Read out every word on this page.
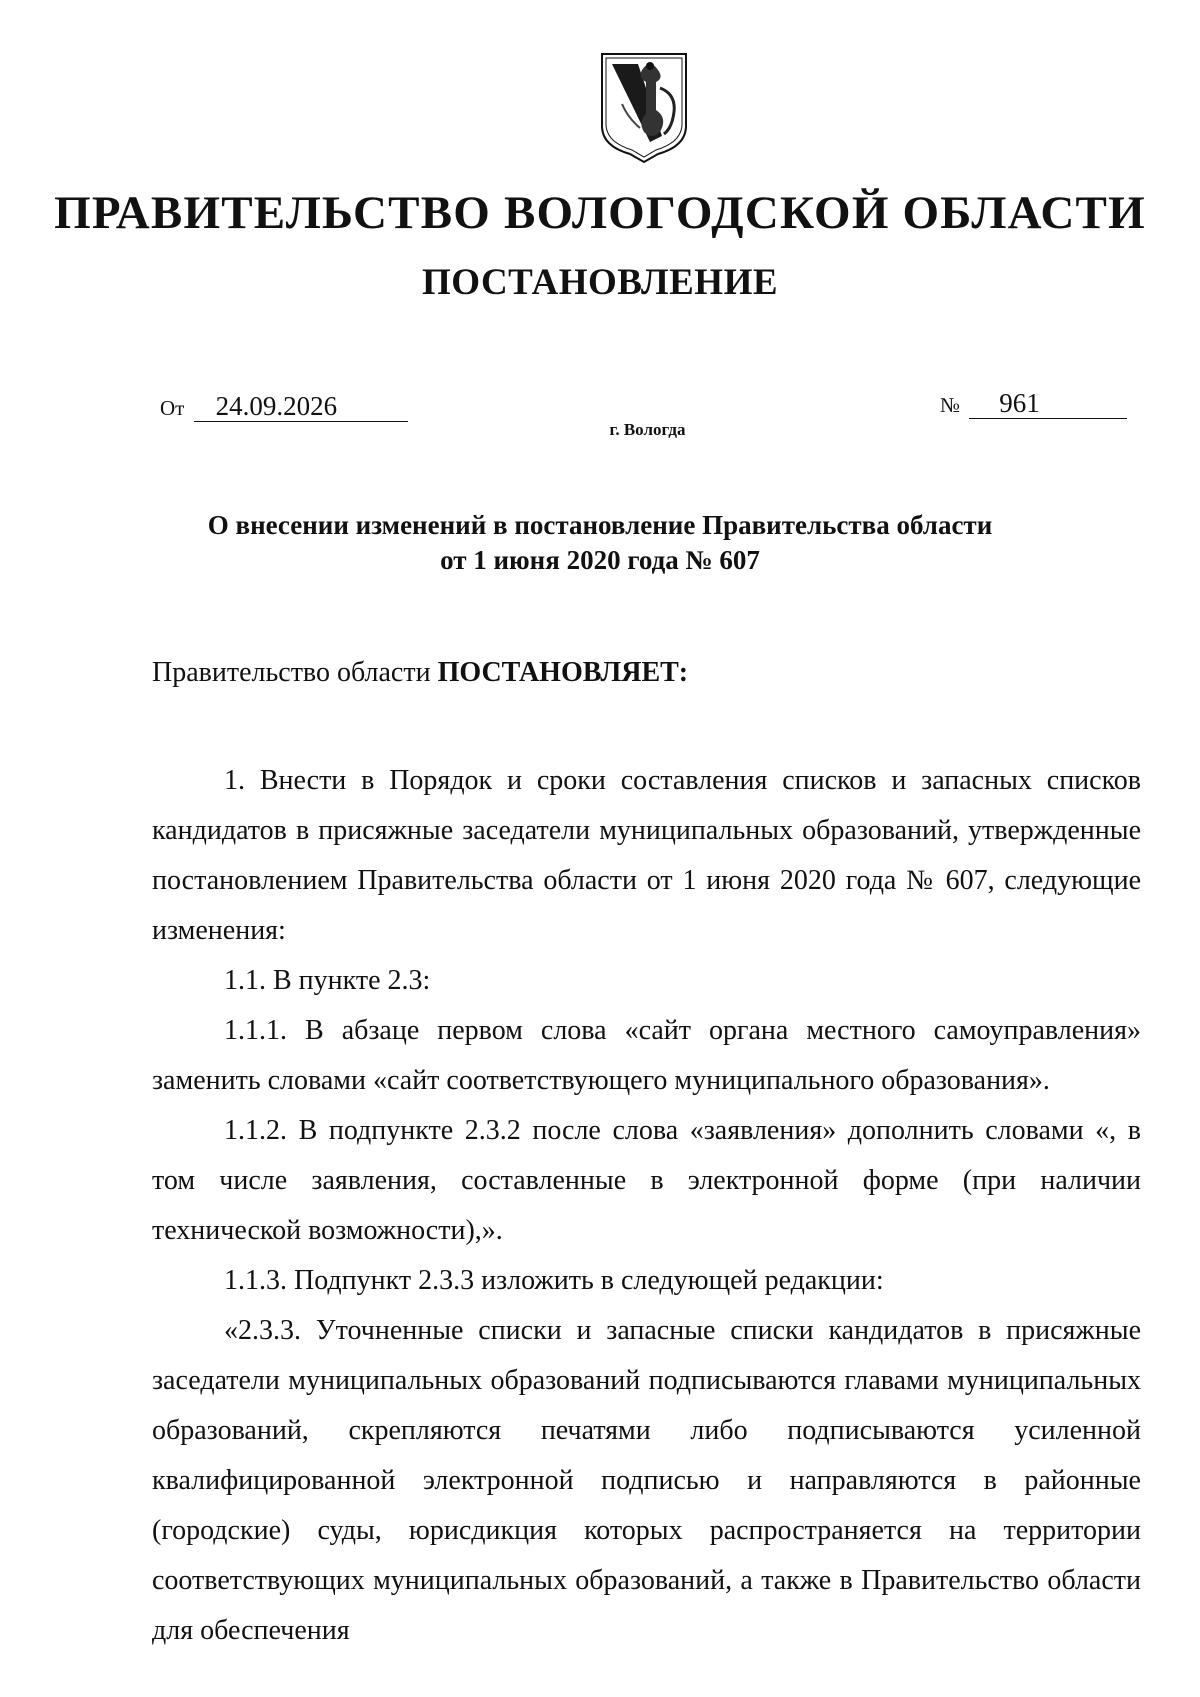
ПРАВИТЕЛЬСТВО ВОЛОГОДСКОЙ ОБЛАСТИ
ПОСТАНОВЛЕНИЕ
От 24.09.2026	№ 961
г. Вологда
О внесении изменений в постановление Правительства области
от 1 июня 2020 года № 607

Правительство области ПОСТАНОВЛЯЕТ:

1. Внести в Порядок и сроки составления списков и запасных списков кандидатов в присяжные заседатели муниципальных образований, утвержденные постановлением Правительства области от 1 июня 2020 года № 607, следующие изменения:

1.1. В пункте 2.3:

1.1.1. В абзаце первом слова «сайт органа местного самоуправления» заменить словами «сайт соответствующего муниципального образования».

1.1.2. В подпункте 2.3.2 после слова «заявления» дополнить словами «, в том числе заявления, составленные в электронной форме (при наличии технической возможности),».

1.1.3. Подпункт 2.3.3 изложить в следующей редакции:

«2.3.3. Уточненные списки и запасные списки кандидатов в присяжные заседатели муниципальных образований подписываются главами муниципальных образований, скрепляются печатями либо подписываются усиленной квалифицированной электронной подписью и направляются в районные (городские) суды, юрисдикция которых распространяется на территории соответствующих муниципальных образований, а также в Правительство области для обеспечения
